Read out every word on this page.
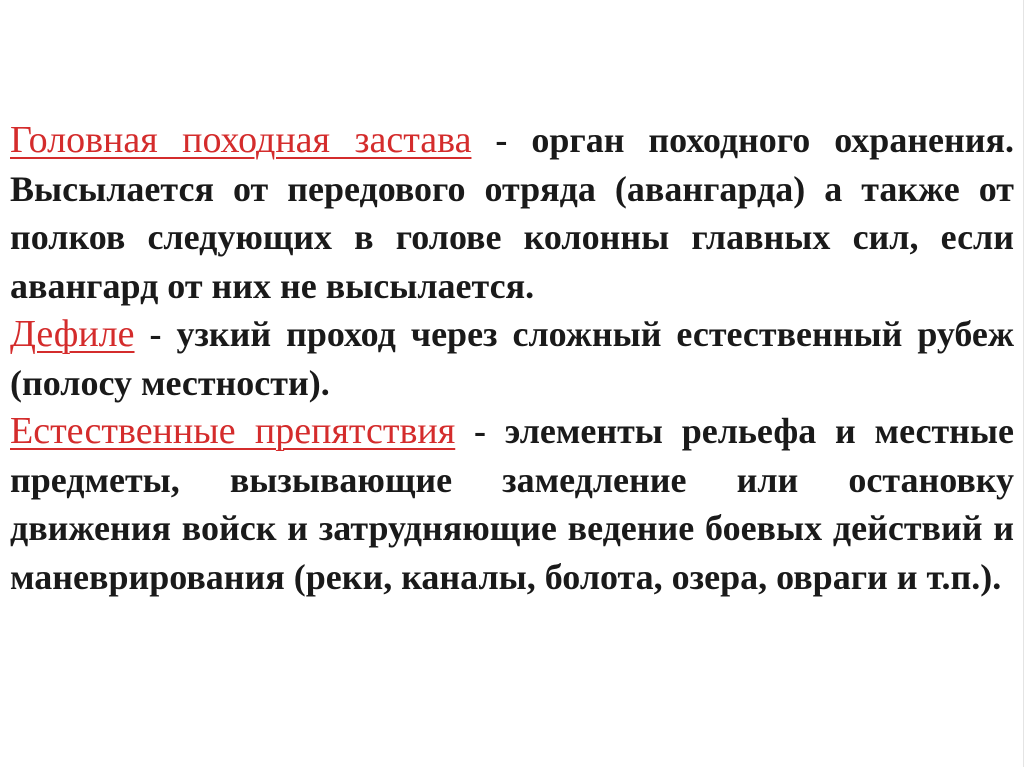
Головная походная застава - орган походного охранения. Высылается от передового отряда (авангарда) а также от полков следующих в голове колонны главных сил, если авангард от них не высылается.

Дефиле - узкий проход через сложный естественный рубеж (полосу местности).

Естественные препятствия - элементы рельефа и местные предметы, вызывающие замедление или остановку движения войск и затрудняющие ведение боевых действий и маневрирования (реки, каналы, болота, озера, овраги и т.п.).
